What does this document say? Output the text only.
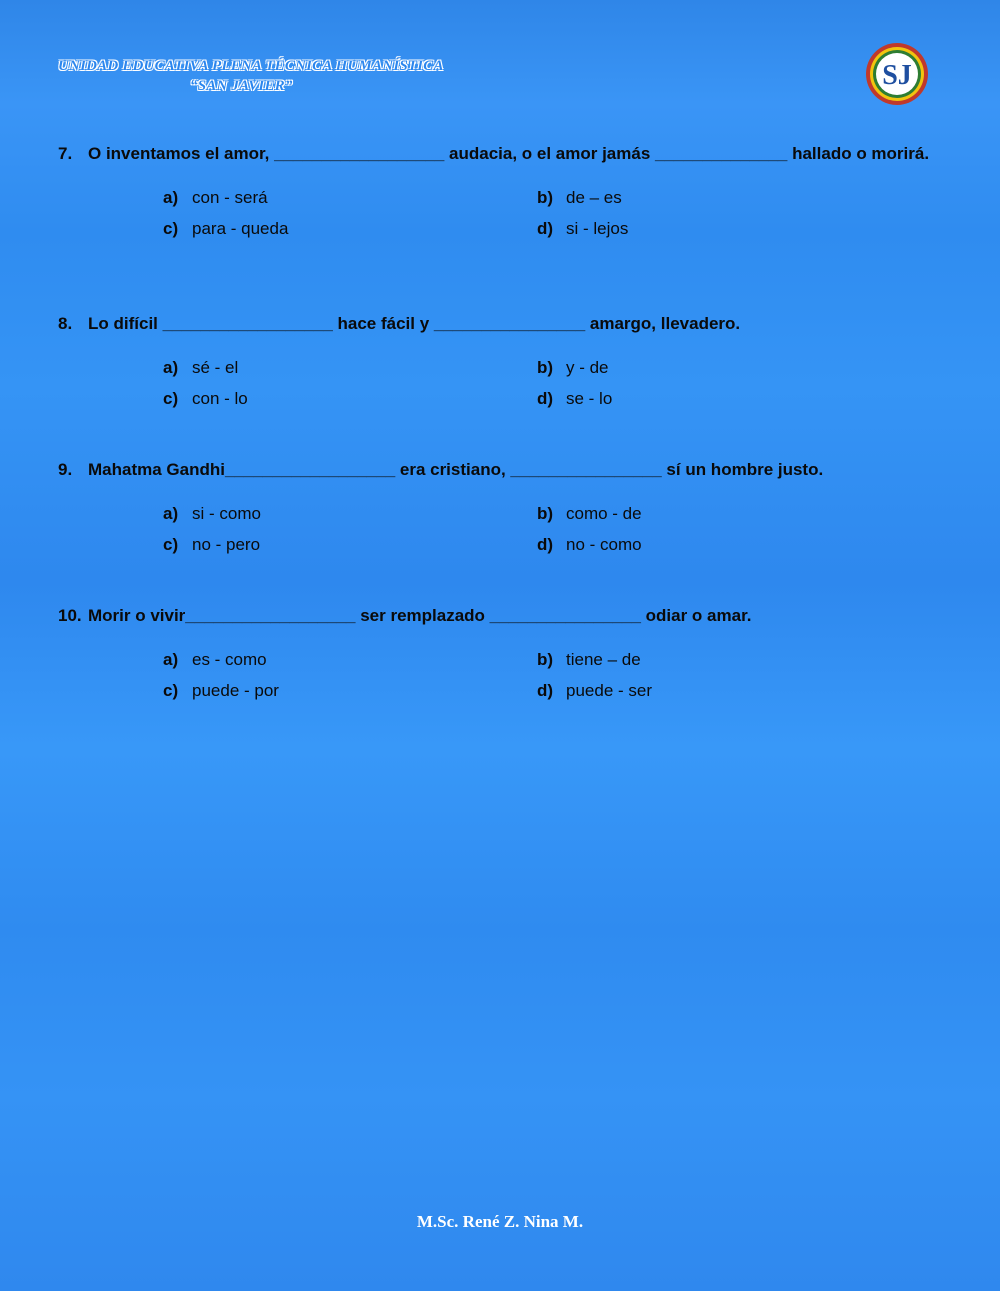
UNIDAD EDUCATIVA PLENA TÉCNICA HUMANÍSTICA
“SAN JAVIER”	SJ
7. O inventamos el amor, __________________ audacia, o el amor jamás ______________ hallado o morirá.
a) con - será	b) de – es
c) para - queda	d) si - lejos
8. Lo difícil __________________ hace fácil y ________________ amargo, llevadero.
a) sé - el	b) y - de
c) con - lo	d) se - lo
9. Mahatma Gandhi__________________ era cristiano, ________________ sí un hombre justo.
a) si - como	b) como - de
c) no - pero	d) no - como
10. Morir o vivir__________________ ser remplazado ________________ odiar o amar.
a) es - como	b) tiene – de
c) puede - por	d) puede - ser
M.Sc. René Z. Nina M.
